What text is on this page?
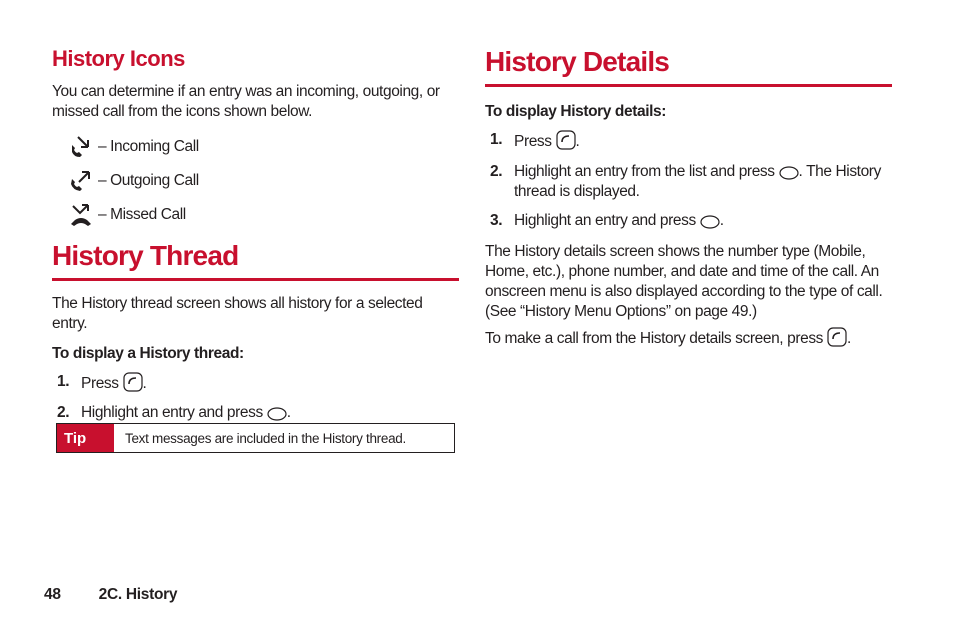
History Icons

You can determine if an entry was an incoming, outgoing, or missed call from the icons shown below.

– Incoming Call
– Outgoing Call
– Missed Call
History Thread

The History thread screen shows all history for a selected entry.

To display a History thread:
1. Press .
2. Highlight an entry and press .
Tip	Text messages are included in the History thread.
History Details
To display History details:
1. Press .
2. Highlight an entry from the list and press . The History thread is displayed.
3. Highlight an entry and press .

The History details screen shows the number type (Mobile, Home, etc.), phone number, and date and time of the call. An onscreen menu is also displayed according to the type of call. (See “History Menu Options” on page 49.)

To make a call from the History details screen, press .

48 2C. History
